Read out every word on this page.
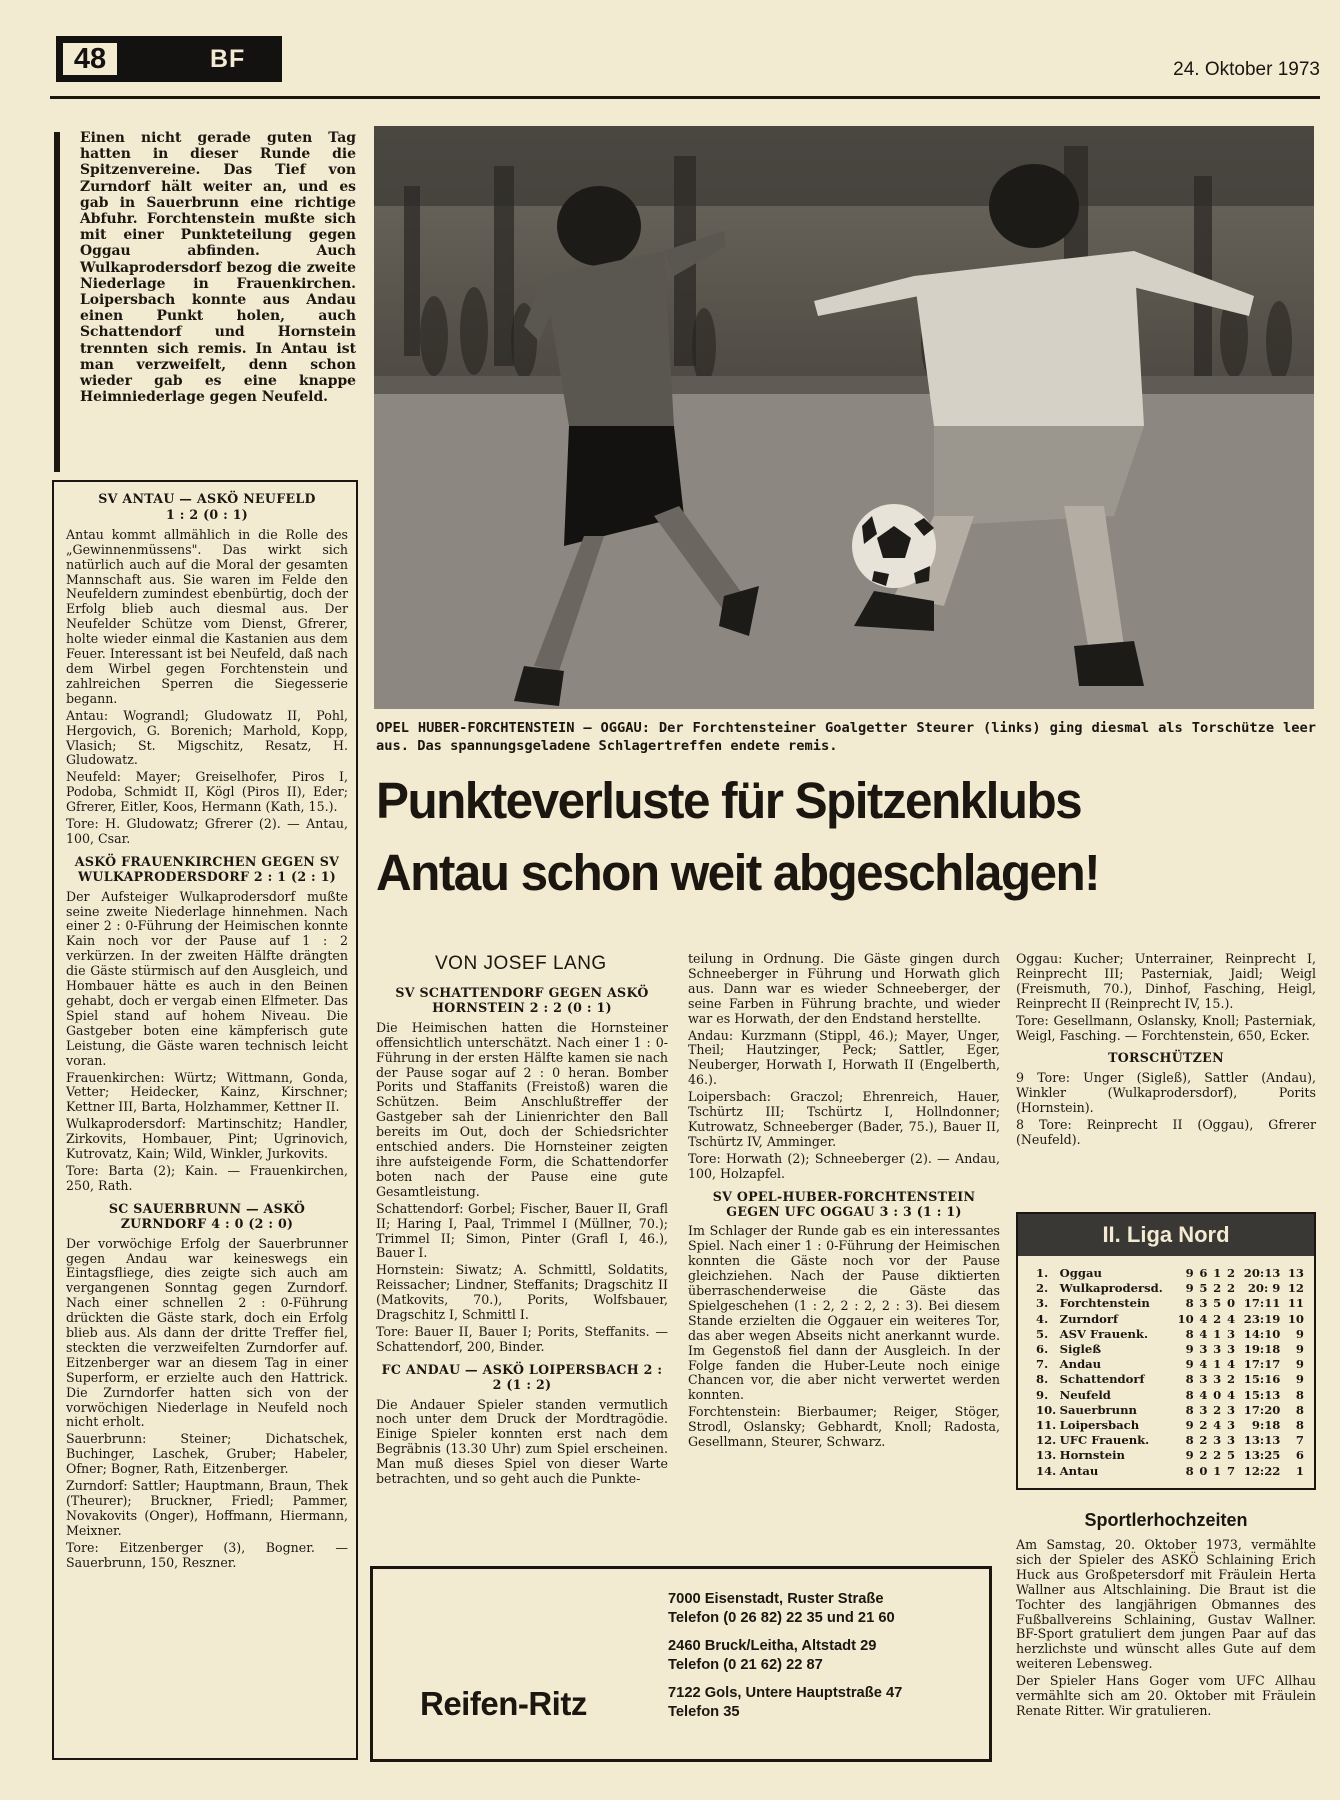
48	BF	24. Oktober 1973
Einen nicht gerade guten Tag hatten in dieser Runde die Spitzenvereine. Das Tief von Zurndorf hält weiter an, und es gab in Sauerbrunn eine richtige Abfuhr. Forchtenstein mußte sich mit einer Punkteteilung gegen Oggau abfinden. Auch Wulkaprodersdorf bezog die zweite Niederlage in Frauenkirchen. Loipersbach konnte aus Andau einen Punkt holen, auch Schattendorf und Hornstein trennten sich remis. In Antau ist man verzweifelt, denn schon wieder gab es eine knappe Heimniederlage gegen Neufeld.
SV ANTAU — ASKÖ NEUFELD
1 : 2 (0 : 1)

Antau kommt allmählich in die Rolle des „Gewinnenmüssens". Das wirkt sich natürlich auch auf die Moral der gesamten Mannschaft aus. Sie waren im Felde den Neufeldern zumindest ebenbürtig, doch der Erfolg blieb auch diesmal aus. Der Neufelder Schütze vom Dienst, Gfrerer, holte wieder einmal die Kastanien aus dem Feuer. Interessant ist bei Neufeld, daß nach dem Wirbel gegen Forchtenstein und zahlreichen Sperren die Siegesserie begann.

Antau: Wograndl; Gludowatz II, Pohl, Hergovich, G. Borenich; Marhold, Kopp, Vlasich; St. Migschitz, Resatz, H. Gludowatz.

Neufeld: Mayer; Greiselhofer, Piros I, Podoba, Schmidt II, Kögl (Piros II), Eder; Gfrerer, Eitler, Koos, Hermann (Kath, 15.).

Tore: H. Gludowatz; Gfrerer (2). — Antau, 100, Csar.

ASKÖ FRAUENKIRCHEN GEGEN SV WULKAPRODERSDORF 2 : 1 (2 : 1)

Der Aufsteiger Wulkaprodersdorf mußte seine zweite Niederlage hinnehmen. Nach einer 2 : 0-Führung der Heimischen konnte Kain noch vor der Pause auf 1 : 2 verkürzen. In der zweiten Hälfte drängten die Gäste stürmisch auf den Ausgleich, und Hombauer hätte es auch in den Beinen gehabt, doch er vergab einen Elfmeter. Das Spiel stand auf hohem Niveau. Die Gastgeber boten eine kämpferisch gute Leistung, die Gäste waren technisch leicht voran.

Frauenkirchen: Würtz; Wittmann, Gonda, Vetter; Heidecker, Kainz, Kirschner; Kettner III, Barta, Holzhammer, Kettner II.

Wulkaprodersdorf: Martinschitz; Handler, Zirkovits, Hombauer, Pint; Ugrinovich, Kutrovatz, Kain; Wild, Winkler, Jurkovits.

Tore: Barta (2); Kain. — Frauenkirchen, 250, Rath.

SC SAUERBRUNN — ASKÖ ZURNDORF 4 : 0 (2 : 0)

Der vorwöchige Erfolg der Sauerbrunner gegen Andau war keineswegs ein Eintagsfliege, dies zeigte sich auch am vergangenen Sonntag gegen Zurndorf. Nach einer schnellen 2 : 0-Führung drückten die Gäste stark, doch ein Erfolg blieb aus. Als dann der dritte Treffer fiel, steckten die verzweifelten Zurndorfer auf. Eitzenberger war an diesem Tag in einer Superform, er erzielte auch den Hattrick. Die Zurndorfer hatten sich von der vorwöchigen Niederlage in Neufeld noch nicht erholt.

Sauerbrunn: Steiner; Dichatschek, Buchinger, Laschek, Gruber; Habeler, Ofner; Bogner, Rath, Eitzenberger.

Zurndorf: Sattler; Hauptmann, Braun, Thek (Theurer); Bruckner, Friedl; Pammer, Novakovits (Onger), Hoffmann, Hiermann, Meixner.

Tore: Eitzenberger (3), Bogner. — Sauerbrunn, 150, Reszner.

OPEL HUBER-FORCHTENSTEIN — OGGAU: Der Forchtensteiner Goalgetter Steurer (links) ging diesmal als Torschütze leer aus. Das spannungsgeladene Schlagertreffen endete remis.
Punkteverluste für Spitzenklubs
Antau schon weit abgeschlagen!
VON JOSEF LANG
SV SCHATTENDORF GEGEN ASKÖ HORNSTEIN 2 : 2 (0 : 1)

Die Heimischen hatten die Hornsteiner offensichtlich unterschätzt. Nach einer 1 : 0-Führung in der ersten Hälfte kamen sie nach der Pause sogar auf 2 : 0 heran. Bomber Porits und Staffanits (Freistoß) waren die Schützen. Beim Anschlußtreffer der Gastgeber sah der Linienrichter den Ball bereits im Out, doch der Schiedsrichter entschied anders. Die Hornsteiner zeigten ihre aufsteigende Form, die Schattendorfer boten nach der Pause eine gute Gesamtleistung.

Schattendorf: Gorbel; Fischer, Bauer II, Grafl II; Haring I, Paal, Trimmel I (Müllner, 70.); Trimmel II; Simon, Pinter (Grafl I, 46.), Bauer I.

Hornstein: Siwatz; A. Schmittl, Soldatits, Reissacher; Lindner, Steffanits; Dragschitz II (Matkovits, 70.), Porits, Wolfsbauer, Dragschitz I, Schmittl I.

Tore: Bauer II, Bauer I; Porits, Steffanits. — Schattendorf, 200, Binder.

FC ANDAU — ASKÖ LOIPERSBACH 2 : 2 (1 : 2)

Die Andauer Spieler standen vermutlich noch unter dem Druck der Mordtragödie. Einige Spieler konnten erst nach dem Begräbnis (13.30 Uhr) zum Spiel erscheinen. Man muß dieses Spiel von dieser Warte betrachten, und so geht auch die Punkte-

teilung in Ordnung. Die Gäste gingen durch Schneeberger in Führung und Horwath glich aus. Dann war es wieder Schneeberger, der seine Farben in Führung brachte, und wieder war es Horwath, der den Endstand herstellte.

Andau: Kurzmann (Stippl, 46.); Mayer, Unger, Theil; Hautzinger, Peck; Sattler, Eger, Neuberger, Horwath I, Horwath II (Engelberth, 46.).

Loipersbach: Graczol; Ehrenreich, Hauer, Tschürtz III; Tschürtz I, Hollndonner; Kutrowatz, Schneeberger (Bader, 75.), Bauer II, Tschürtz IV, Amminger.

Tore: Horwath (2); Schneeberger (2). — Andau, 100, Holzapfel.

SV OPEL-HUBER-FORCHTENSTEIN GEGEN UFC OGGAU 3 : 3 (1 : 1)

Im Schlager der Runde gab es ein interessantes Spiel. Nach einer 1 : 0-Führung der Heimischen konnten die Gäste noch vor der Pause gleichziehen. Nach der Pause diktierten überraschenderweise die Gäste das Spielgeschehen (1 : 2, 2 : 2, 2 : 3). Bei diesem Stande erzielten die Oggauer ein weiteres Tor, das aber wegen Abseits nicht anerkannt wurde. Im Gegenstoß fiel dann der Ausgleich. In der Folge fanden die Huber-Leute noch einige Chancen vor, die aber nicht verwertet werden konnten.

Forchtenstein: Bierbaumer; Reiger, Stöger, Strodl, Oslansky; Gebhardt, Knoll; Radosta, Gesellmann, Steurer, Schwarz.

Oggau: Kucher; Unterrainer, Reinprecht I, Reinprecht III; Pasterniak, Jaidl; Weigl (Freismuth, 70.), Dinhof, Fasching, Heigl, Reinprecht II (Reinprecht IV, 15.).

Tore: Gesellmann, Oslansky, Knoll; Pasterniak, Weigl, Fasching. — Forchtenstein, 650, Ecker.

TORSCHÜTZEN

9 Tore: Unger (Sigleß), Sattler (Andau), Winkler (Wulkaprodersdorf), Porits (Hornstein).

8 Tore: Reinprecht II (Oggau), Gfrerer (Neufeld).

II. Liga Nord
1. Oggau	9 6 1 2 20:13 13
2. Wulkaprodersd.	9 5 2 2	20: 9 12
3. Forchtenstein	8 3 5 0 17:11 11
4. Zurndorf	10 4 2 4 23:19 10
5. ASV Frauenk.	8 4 1 3 14:10	9
6. Sigleß	9 3 3 3 19:18	9
7. Andau	9 4 1 4 17:17	9
8. Schattendorf	8 3 3 2 15:16	9
9. Neufeld	8 4 0 4 15:13	8
10. Sauerbrunn	8 3 2 3 17:20	8
11. Loipersbach	9 2 4 3	9:18	8
12. UFC Frauenk.	8 2 3 3 13:13	7
13. Hornstein	9 2 2 5 13:25	6
14. Antau	8 0 1 7 12:22	1
Sportlerhochzeiten

Am Samstag, 20. Oktober 1973, vermählte sich der Spieler des ASKÖ Schlaining Erich Huck aus Großpetersdorf mit Fräulein Herta Wallner aus Altschlaining. Die Braut ist die Tochter des langjährigen Obmannes des Fußballvereins Schlaining, Gustav Wallner. BF-Sport gratuliert dem jungen Paar auf das herzlichste und wünscht alles Gute auf dem weiteren Lebensweg.

Der Spieler Hans Goger vom UFC Allhau vermählte sich am 20. Oktober mit Fräulein Renate Ritter. Wir gratulieren.

Reifen-Ritz
7000 Eisenstadt, Ruster Straße
Telefon (0 26 82) 22 35 und 21 60
2460 Bruck/Leitha, Altstadt 29
Telefon (0 21 62) 22 87
7122 Gols, Untere Hauptstraße 47
Telefon 35
